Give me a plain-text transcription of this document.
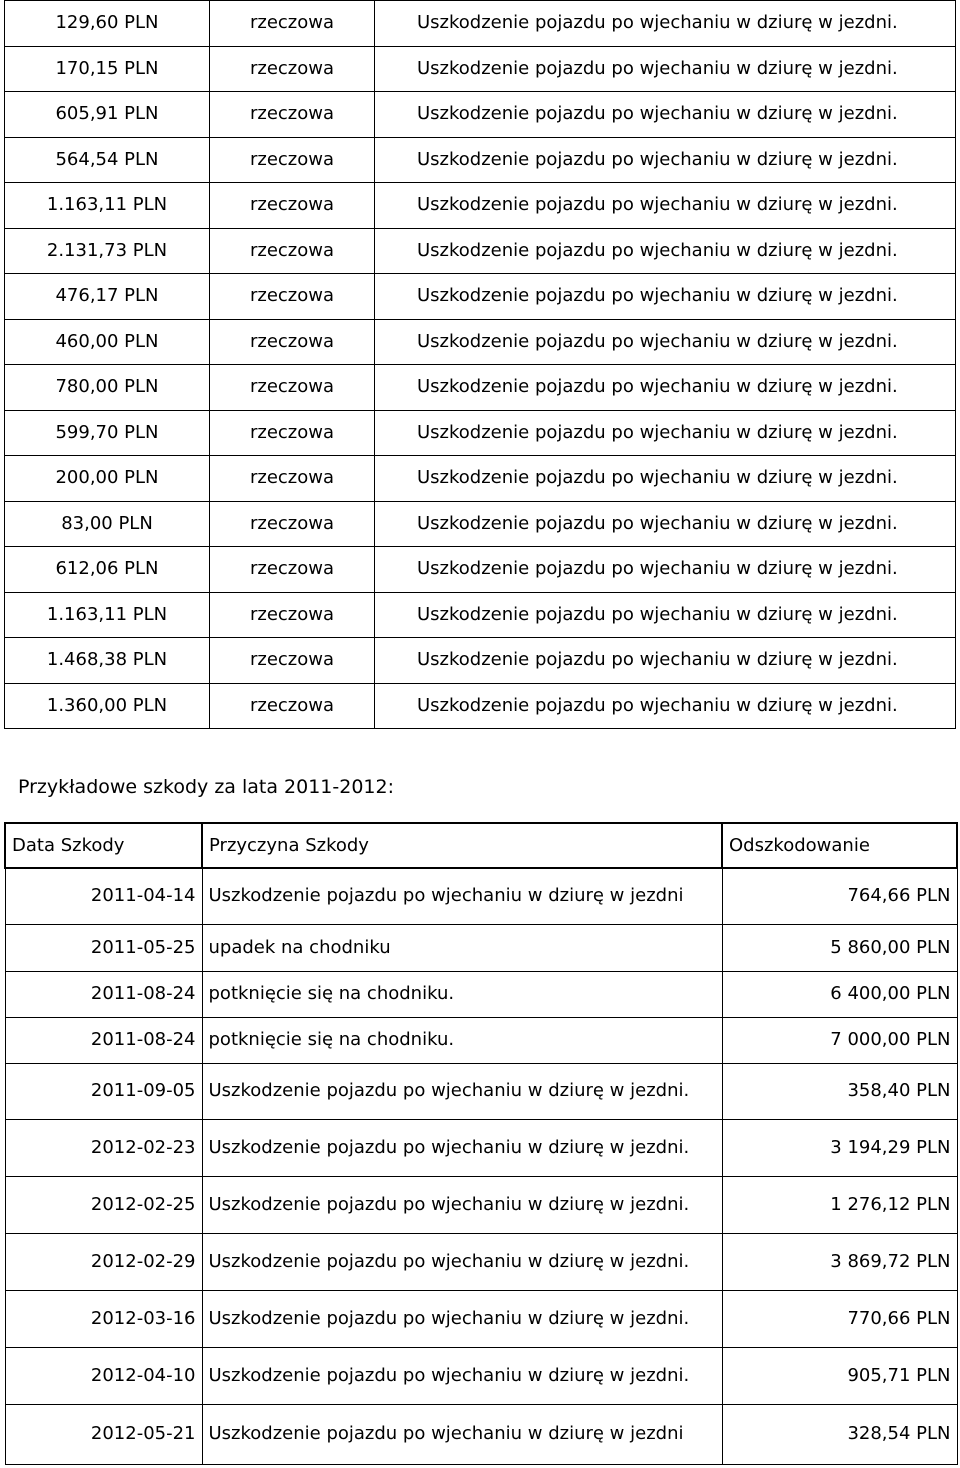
129,60 PLN	rzeczowa	Uszkodzenie pojazdu po wjechaniu w dziurę w jezdni.
170,15 PLN	rzeczowa	Uszkodzenie pojazdu po wjechaniu w dziurę w jezdni.
605,91 PLN	rzeczowa	Uszkodzenie pojazdu po wjechaniu w dziurę w jezdni.
564,54 PLN	rzeczowa	Uszkodzenie pojazdu po wjechaniu w dziurę w jezdni.
1.163,11 PLN	rzeczowa	Uszkodzenie pojazdu po wjechaniu w dziurę w jezdni.
2.131,73 PLN	rzeczowa	Uszkodzenie pojazdu po wjechaniu w dziurę w jezdni.
476,17 PLN	rzeczowa	Uszkodzenie pojazdu po wjechaniu w dziurę w jezdni.
460,00 PLN	rzeczowa	Uszkodzenie pojazdu po wjechaniu w dziurę w jezdni.
780,00 PLN	rzeczowa	Uszkodzenie pojazdu po wjechaniu w dziurę w jezdni.
599,70 PLN	rzeczowa	Uszkodzenie pojazdu po wjechaniu w dziurę w jezdni.
200,00 PLN	rzeczowa	Uszkodzenie pojazdu po wjechaniu w dziurę w jezdni.
83,00 PLN	rzeczowa	Uszkodzenie pojazdu po wjechaniu w dziurę w jezdni.
612,06 PLN	rzeczowa	Uszkodzenie pojazdu po wjechaniu w dziurę w jezdni.
1.163,11 PLN	rzeczowa	Uszkodzenie pojazdu po wjechaniu w dziurę w jezdni.
1.468,38 PLN	rzeczowa	Uszkodzenie pojazdu po wjechaniu w dziurę w jezdni.
1.360,00 PLN	rzeczowa	Uszkodzenie pojazdu po wjechaniu w dziurę w jezdni.
Przykładowe szkody za lata 2011-2012:
Data Szkody	Przyczyna Szkody	Odszkodowanie
2011-04-14	Uszkodzenie pojazdu po wjechaniu w dziurę w jezdni	764,66 PLN
2011-05-25	upadek na chodniku	5 860,00 PLN
2011-08-24	potknięcie się na chodniku.	6 400,00 PLN
2011-08-24	potknięcie się na chodniku.	7 000,00 PLN
2011-09-05	Uszkodzenie pojazdu po wjechaniu w dziurę w jezdni.	358,40 PLN
2012-02-23	Uszkodzenie pojazdu po wjechaniu w dziurę w jezdni.	3 194,29 PLN
2012-02-25	Uszkodzenie pojazdu po wjechaniu w dziurę w jezdni.	1 276,12 PLN
2012-02-29	Uszkodzenie pojazdu po wjechaniu w dziurę w jezdni.	3 869,72 PLN
2012-03-16	Uszkodzenie pojazdu po wjechaniu w dziurę w jezdni.	770,66 PLN
2012-04-10	Uszkodzenie pojazdu po wjechaniu w dziurę w jezdni.	905,71 PLN
2012-05-21	Uszkodzenie pojazdu po wjechaniu w dziurę w jezdni	328,54 PLN
